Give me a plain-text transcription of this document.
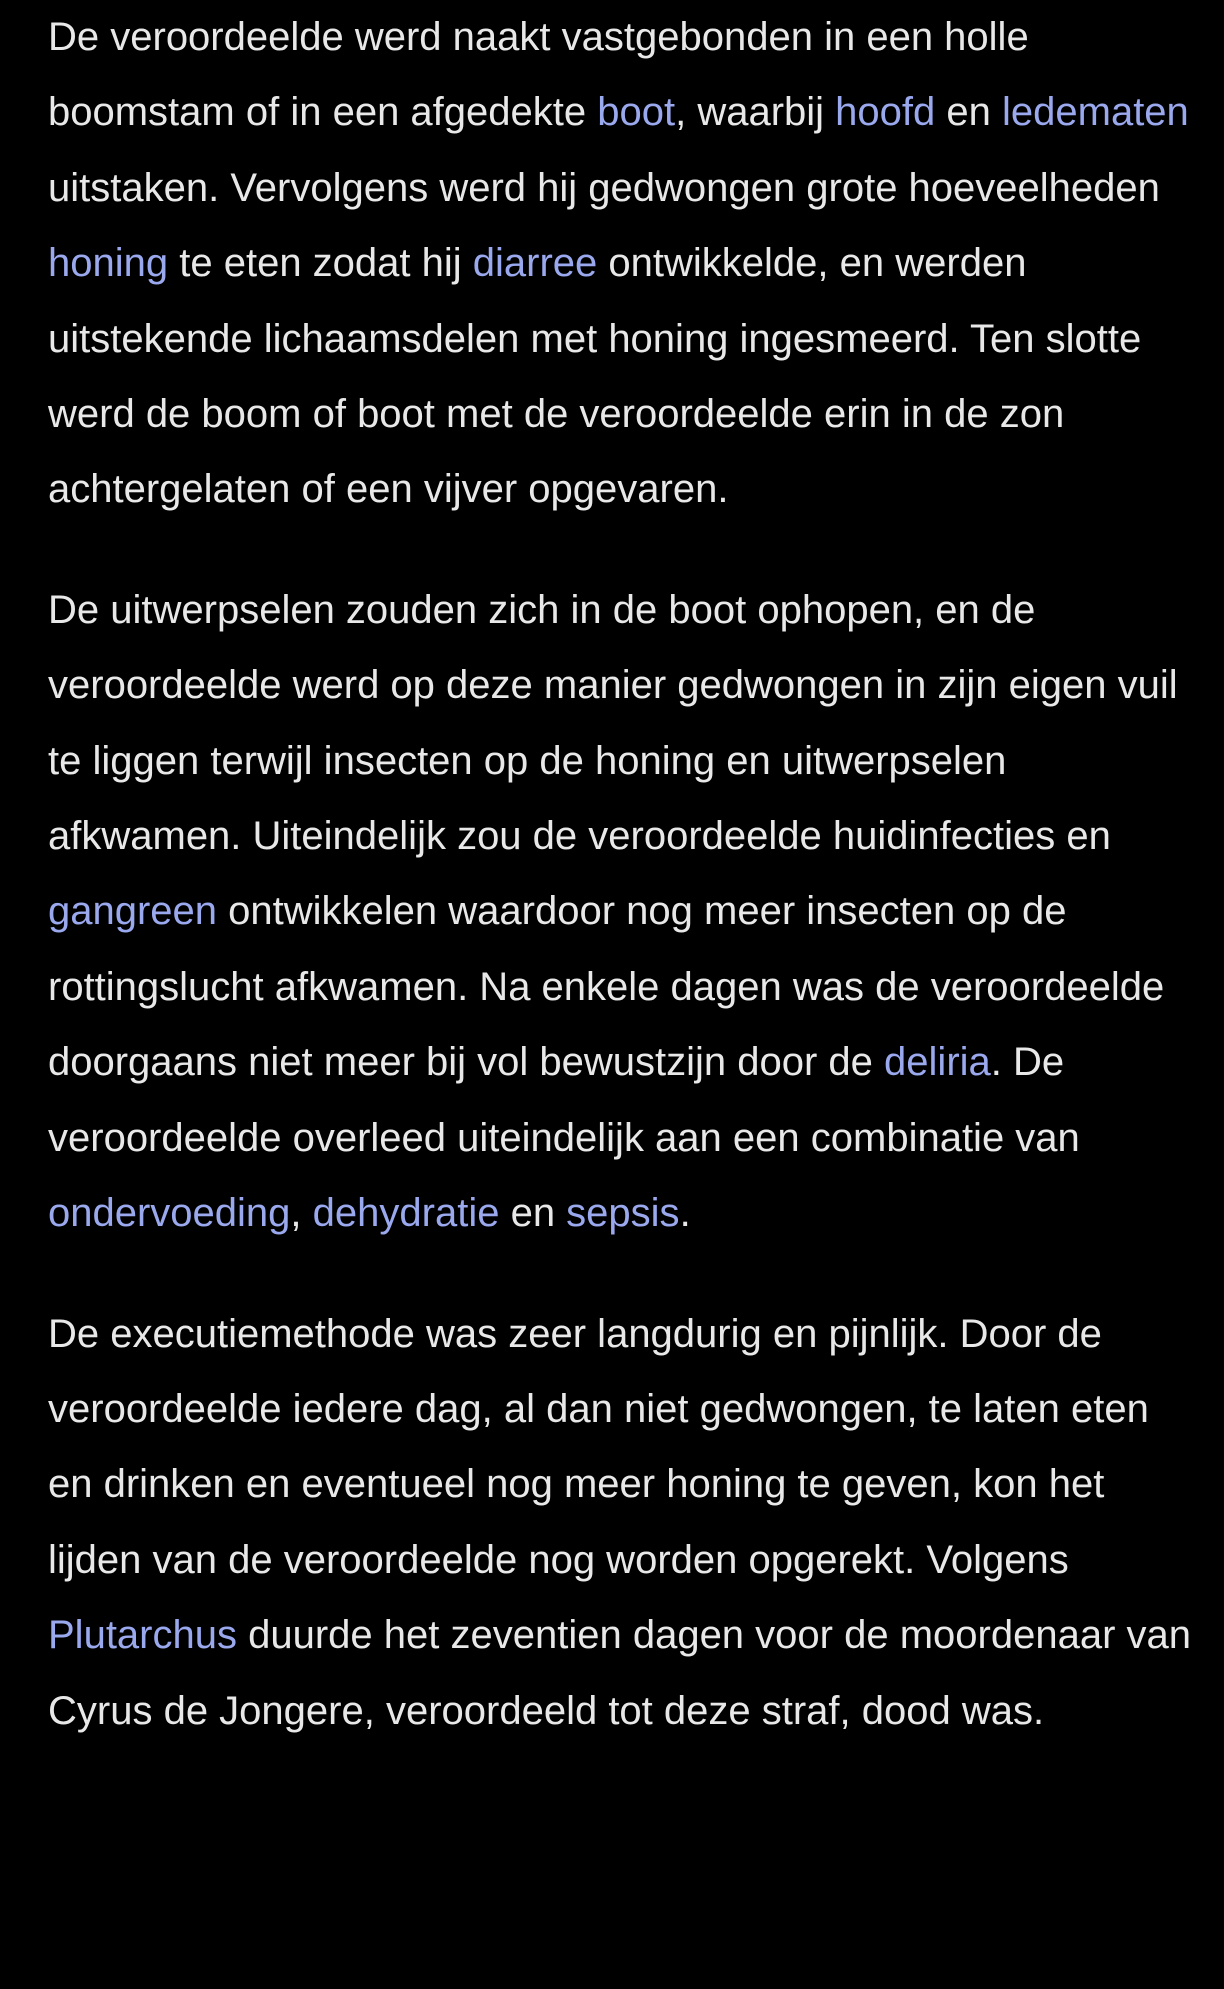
De veroordeelde werd naakt vastgebonden in een holle boomstam of in een afgedekte boot, waarbij hoofd en ledematen uitstaken. Vervolgens werd hij gedwongen grote hoeveelheden honing te eten zodat hij diarree ontwikkelde, en werden uitstekende lichaamsdelen met honing ingesmeerd. Ten slotte werd de boom of boot met de veroordeelde erin in de zon achtergelaten of een vijver opgevaren.

De uitwerpselen zouden zich in de boot ophopen, en de veroordeelde werd op deze manier gedwongen in zijn eigen vuil te liggen terwijl insecten op de honing en uitwerpselen afkwamen. Uiteindelijk zou de veroordeelde huidinfecties en gangreen ontwikkelen waardoor nog meer insecten op de rottingslucht afkwamen. Na enkele dagen was de veroordeelde doorgaans niet meer bij vol bewustzijn door de deliria. De veroordeelde overleed uiteindelijk aan een combinatie van ondervoeding, dehydratie en sepsis.

De executiemethode was zeer langdurig en pijnlijk. Door de veroordeelde iedere dag, al dan niet gedwongen, te laten eten en drinken en eventueel nog meer honing te geven, kon het lijden van de veroordeelde nog worden opgerekt. Volgens Plutarchus duurde het zeventien dagen voor de moordenaar van Cyrus de Jongere, veroordeeld tot deze straf, dood was.
